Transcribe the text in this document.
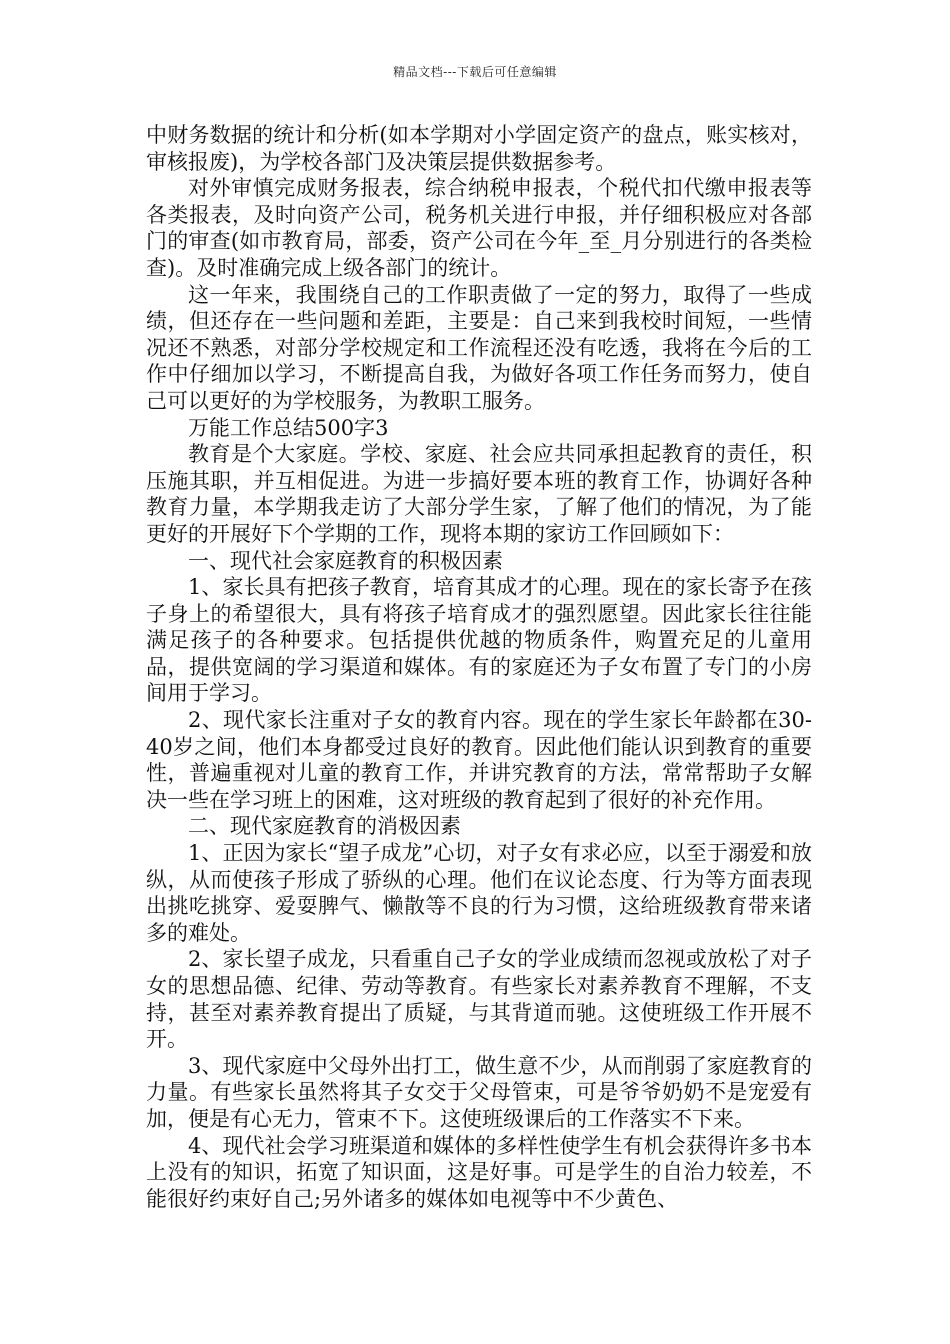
精品文档---下载后可任意编辑

中财务数据的统计和分析(如本学期对小学固定资产的盘点，账实核对，审核报废)，为学校各部门及决策层提供数据参考。

对外审慎完成财务报表，综合纳税申报表，个税代扣代缴申报表等各类报表，及时向资产公司，税务机关进行申报，并仔细积极应对各部门的审查(如市教育局，部委，资产公司在今年_至_月分别进行的各类检查)。及时准确完成上级各部门的统计。

这一年来，我围绕自己的工作职责做了一定的努力，取得了一些成绩，但还存在一些问题和差距，主要是：自己来到我校时间短，一些情况还不熟悉，对部分学校规定和工作流程还没有吃透，我将在今后的工作中仔细加以学习，不断提高自我，为做好各项工作任务而努力，使自己可以更好的为学校服务，为教职工服务。

万能工作总结500字3

教育是个大家庭。学校、家庭、社会应共同承担起教育的责任，积压施其职，并互相促进。为进一步搞好要本班的教育工作，协调好各种教育力量，本学期我走访了大部分学生家，了解了他们的情况，为了能更好的开展好下个学期的工作，现将本期的家访工作回顾如下：

一、现代社会家庭教育的积极因素

1、家长具有把孩子教育，培育其成才的心理。现在的家长寄予在孩子身上的希望很大，具有将孩子培育成才的强烈愿望。因此家长往往能满足孩子的各种要求。包括提供优越的物质条件，购置充足的儿童用品，提供宽阔的学习渠道和媒体。有的家庭还为子女布置了专门的小房间用于学习。

2、现代家长注重对子女的教育内容。现在的学生家长年龄都在30-40岁之间，他们本身都受过良好的教育。因此他们能认识到教育的重要性，普遍重视对儿童的教育工作，并讲究教育的方法，常常帮助子女解决一些在学习班上的困难，这对班级的教育起到了很好的补充作用。

二、现代家庭教育的消极因素

1、正因为家长“望子成龙”心切，对子女有求必应，以至于溺爱和放纵，从而使孩子形成了骄纵的心理。他们在议论态度、行为等方面表现出挑吃挑穿、爱耍脾气、懒散等不良的行为习惯，这给班级教育带来诸多的难处。

2、家长望子成龙，只看重自己子女的学业成绩而忽视或放松了对子女的思想品德、纪律、劳动等教育。有些家长对素养教育不理解，不支持，甚至对素养教育提出了质疑，与其背道而驰。这使班级工作开展不开。

3、现代家庭中父母外出打工，做生意不少，从而削弱了家庭教育的力量。有些家长虽然将其子女交于父母管束，可是爷爷奶奶不是宠爱有加，便是有心无力，管束不下。这使班级课后的工作落实不下来。

4、现代社会学习班渠道和媒体的多样性使学生有机会获得许多书本上没有的知识，拓宽了知识面，这是好事。可是学生的自治力较差，不能很好约束好自己;另外诸多的媒体如电视等中不少黄色、
